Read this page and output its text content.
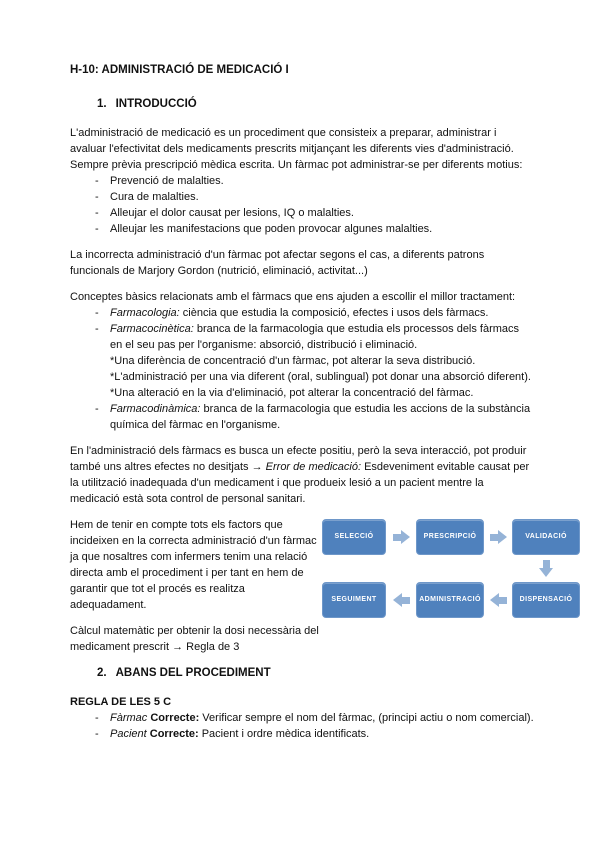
H-10: ADMINISTRACIÓ DE MEDICACIÓ I
1. INTRODUCCIÓ

L'administració de medicació es un procediment que consisteix a preparar, administrar i avaluar l'efectivitat dels medicaments prescrits mitjançant les diferents vies d'administració. Sempre prèvia prescripció mèdica escrita. Un fàrmac pot administrar-se per diferents motius:

-	Prevenció de malalties.
-	Cura de malalties.
-	Alleujar el dolor causat per lesions, IQ o malalties.
-	Alleujar les manifestacions que poden provocar algunes malalties.

La incorrecta administració d'un fàrmac pot afectar segons el cas, a diferents patrons funcionals de Marjory Gordon (nutrició, eliminació, activitat...)

Conceptes bàsics relacionats amb el fàrmacs que ens ajuden a escollir el millor tractament:

-	Farmacologia: ciència que estudia la composició, efectes i usos dels fàrmacs.
-	Farmacocinètica: branca de la farmacologia que estudia els processos dels fàrmacs en el seu pas per l'organisme: absorció, distribució i eliminació.
*Una diferència de concentració d'un fàrmac, pot alterar la seva distribució.
*L'administració per una via diferent (oral, sublingual) pot donar una absorció diferent).
*Una alteració en la via d'eliminació, pot alterar la concentració del fàrmac.
-	Farmacodinàmica: branca de la farmacologia que estudia les accions de la substància química del fàrmac en l'organisme.

En l'administració dels fàrmacs es busca un efecte positiu, però la seva interacció, pot produir també uns altres efectes no desitjats → Error de medicació: Esdeveniment evitable causat per la utilització inadequada d'un medicament i que produeix lesió a un pacient mentre la medicació està sota control de personal sanitari.

Hem de tenir en compte tots els factors que incideixen en la correcta administració d'un fàrmac ja que nosaltres com infermers tenim una relació directa amb el procediment i per tant en hem de garantir que tot el procés es realitza adequadament.

Càlcul matemàtic per obtenir la dosi necessària del medicament prescrit → Regla de 3

SELECCIÓ	PRESCRIPCIÓ	VALIDACIÓ
SEGUIMENT	ADMINISTRACIÓ	DISPENSACIÓ
2. ABANS DEL PROCEDIMENT
REGLA DE LES 5 C
-	Fàrmac Correcte: Verificar sempre el nom del fàrmac, (principi actiu o nom comercial).
-	Pacient Correcte: Pacient i ordre mèdica identificats.
